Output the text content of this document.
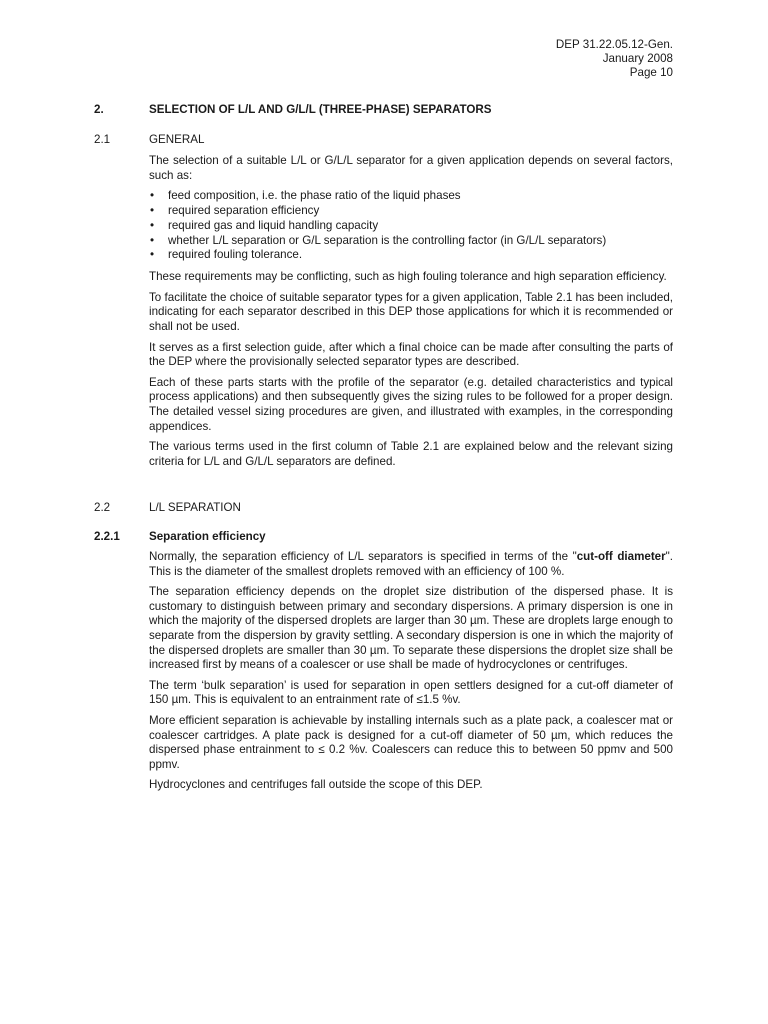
DEP 31.22.05.12-Gen.
January 2008
Page 10
2.	SELECTION OF L/L AND G/L/L (THREE-PHASE) SEPARATORS
2.1	GENERAL

The selection of a suitable L/L or G/L/L separator for a given application depends on several factors, such as:

• feed composition, i.e. the phase ratio of the liquid phases
• required separation efficiency
• required gas and liquid handling capacity
• whether L/L separation or G/L separation is the controlling factor (in G/L/L separators)
• required fouling tolerance.

These requirements may be conflicting, such as high fouling tolerance and high separation efficiency.

To facilitate the choice of suitable separator types for a given application, Table 2.1 has been included, indicating for each separator described in this DEP those applications for which it is recommended or shall not be used.

It serves as a first selection guide, after which a final choice can be made after consulting the parts of the DEP where the provisionally selected separator types are described.

Each of these parts starts with the profile of the separator (e.g. detailed characteristics and typical process applications) and then subsequently gives the sizing rules to be followed for a proper design. The detailed vessel sizing procedures are given, and illustrated with examples, in the corresponding appendices.

The various terms used in the first column of Table 2.1 are explained below and the relevant sizing criteria for L/L and G/L/L separators are defined.

2.2	L/L SEPARATION
2.2.1	Separation efficiency

Normally, the separation efficiency of L/L separators is specified in terms of the "cut-off diameter". This is the diameter of the smallest droplets removed with an efficiency of 100 %.

The separation efficiency depends on the droplet size distribution of the dispersed phase. It is customary to distinguish between primary and secondary dispersions. A primary dispersion is one in which the majority of the dispersed droplets are larger than 30 µm. These are droplets large enough to separate from the dispersion by gravity settling. A secondary dispersion is one in which the majority of the dispersed droplets are smaller than 30 µm. To separate these dispersions the droplet size shall be increased first by means of a coalescer or use shall be made of hydrocyclones or centrifuges.

The term ‘bulk separation’ is used for separation in open settlers designed for a cut-off diameter of 150 µm. This is equivalent to an entrainment rate of ≤1.5 %v.

More efficient separation is achievable by installing internals such as a plate pack, a coalescer mat or coalescer cartridges. A plate pack is designed for a cut-off diameter of 50 µm, which reduces the dispersed phase entrainment to ≤ 0.2 %v. Coalescers can reduce this to between 50 ppmv and 500 ppmv.

Hydrocyclones and centrifuges fall outside the scope of this DEP.
